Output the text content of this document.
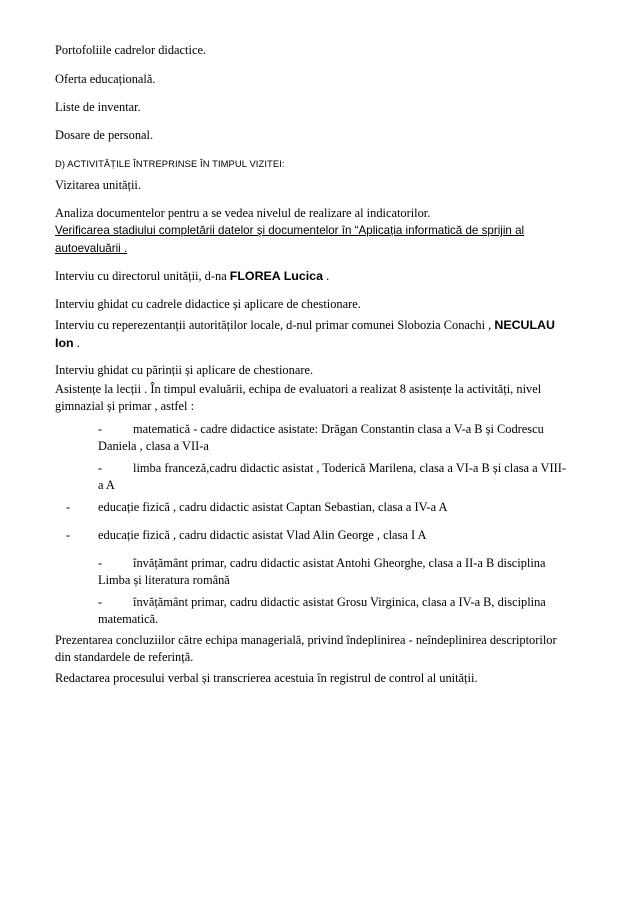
Portofoliile cadrelor didactice.
Oferta educațională.
Liste de inventar.
Dosare de personal.
D) ACTIVITĂȚILE ÎNTREPRINSE ÎN TIMPUL VIZITEI:
Vizitarea unității.
Analiza documentelor pentru a se vedea nivelul de realizare al indicatorilor.
Verificarea stadiului completării datelor şi documentelor în “Aplicația informatică de sprijin al
autoevaluării .
Interviu cu directorul unității, d-na FLOREA Lucica .
Interviu ghidat cu cadrele didactice și aplicare de chestionare.
Interviu cu reperezentanții autorităților locale, d-nul primar comunei Slobozia Conachi , NECULAU
Ion .
Interviu ghidat cu părinții și aplicare de chestionare.
Asistențe la lecții . În timpul evaluării, echipa de evaluatori a realizat 8 asistențe la activități, nivel
gimnazial și primar , astfel :
- matematică - cadre didactice asistate: Drăgan Constantin clasa a V-a B și Codrescu
Daniela , clasa a VII-a
- limba franceză,cadru didactic asistat , Toderică Marilena, clasa a VI-a B și clasa a VIII-
a A
- educație fizică , cadru didactic asistat Captan Sebastian, clasa a IV-a A
- educație fizică , cadru didactic asistat Vlad Alin George , clasa I A
- învățământ primar, cadru didactic asistat Antohi Gheorghe, clasa a II-a B disciplina
Limba și literatura română
- învățământ primar, cadru didactic asistat Grosu Virginica, clasa a IV-a B, disciplina
matematică.
Prezentarea concluziilor către echipa managerială, privind îndeplinirea - neîndeplinirea descriptorilor
din standardele de referință.
Redactarea procesului verbal și transcrierea acestuia în registrul de control al unității.
